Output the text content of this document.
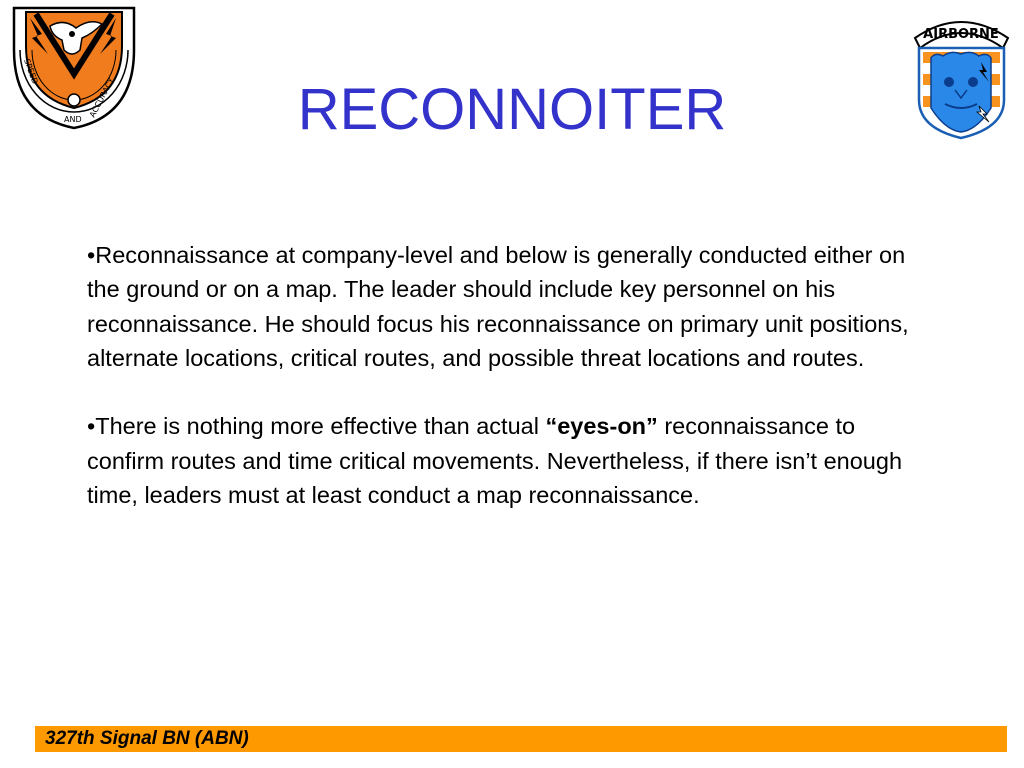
SPEED
AND
ACCURACY	RECONNOITER
AIRBORNE

•Reconnaissance at company-level and below is generally conducted either on the ground or on a map. The leader should include key personnel on his reconnaissance. He should focus his reconnaissance on primary unit positions, alternate locations, critical routes, and possible threat locations and routes.

•There is nothing more effective than actual “eyes-on” reconnaissance to confirm routes and time critical movements. Nevertheless, if there isn’t enough time, leaders must at least conduct a map reconnaissance.

327th Signal BN (ABN)
